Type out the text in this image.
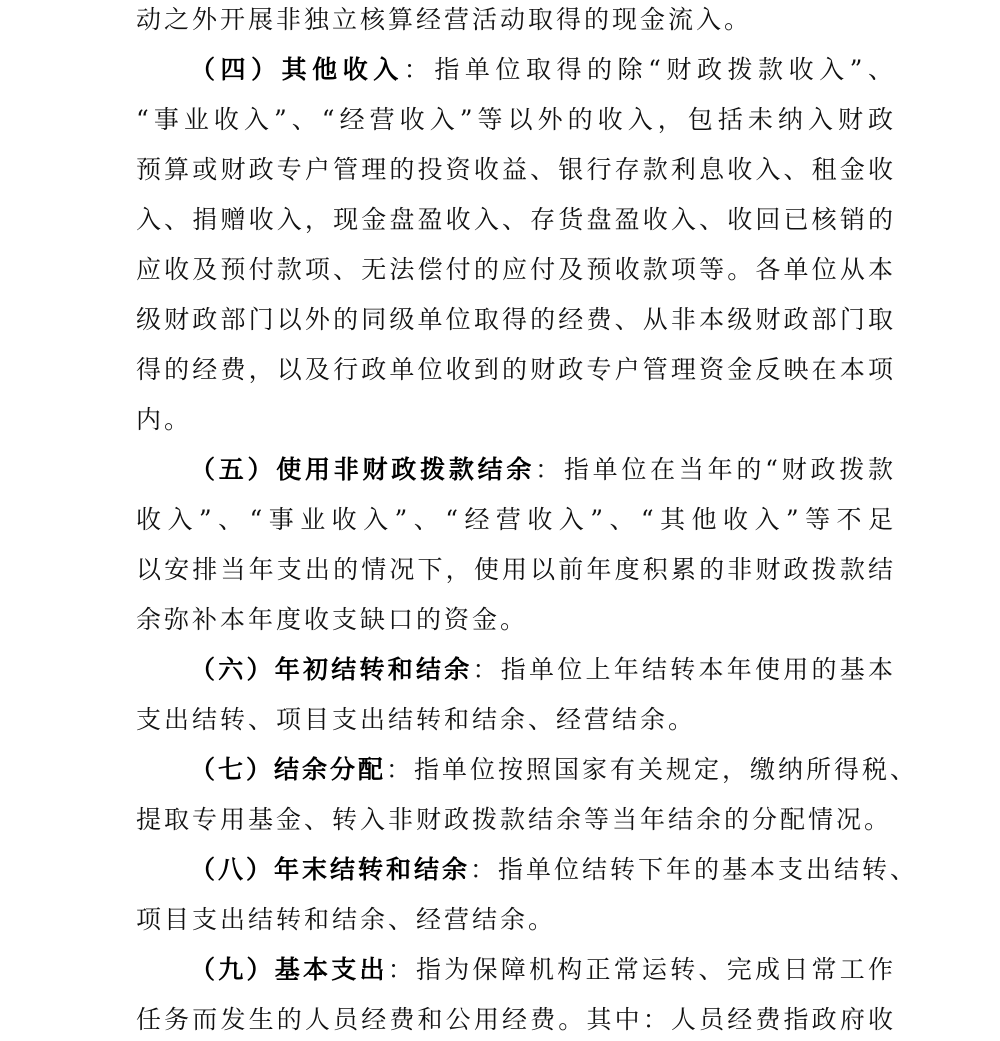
动之外开展非独立核算经营活动取得的现金流入。
（四）其他收入：指单位取得的除“财政拨款收入”、
“事业收入”、“经营收入”等以外的收入，包括未纳入财政
预算或财政专户管理的投资收益、银行存款利息收入、租金收
入、捐赠收入，现金盘盈收入、存货盘盈收入、收回已核销的
应收及预付款项、无法偿付的应付及预收款项等。各单位从本
级财政部门以外的同级单位取得的经费、从非本级财政部门取
得的经费，以及行政单位收到的财政专户管理资金反映在本项
内。
（五）使用非财政拨款结余：指单位在当年的“财政拨款
收入”、“事业收入”、“经营收入”、“其他收入”等不足
以安排当年支出的情况下，使用以前年度积累的非财政拨款结
余弥补本年度收支缺口的资金。
（六）年初结转和结余：指单位上年结转本年使用的基本
支出结转、项目支出结转和结余、经营结余。
（七）结余分配：指单位按照国家有关规定，缴纳所得税、
提取专用基金、转入非财政拨款结余等当年结余的分配情况。
（八）年末结转和结余：指单位结转下年的基本支出结转、
项目支出结转和结余、经营结余。
（九）基本支出：指为保障机构正常运转、完成日常工作
任务而发生的人员经费和公用经费。其中：人员经费指政府收
